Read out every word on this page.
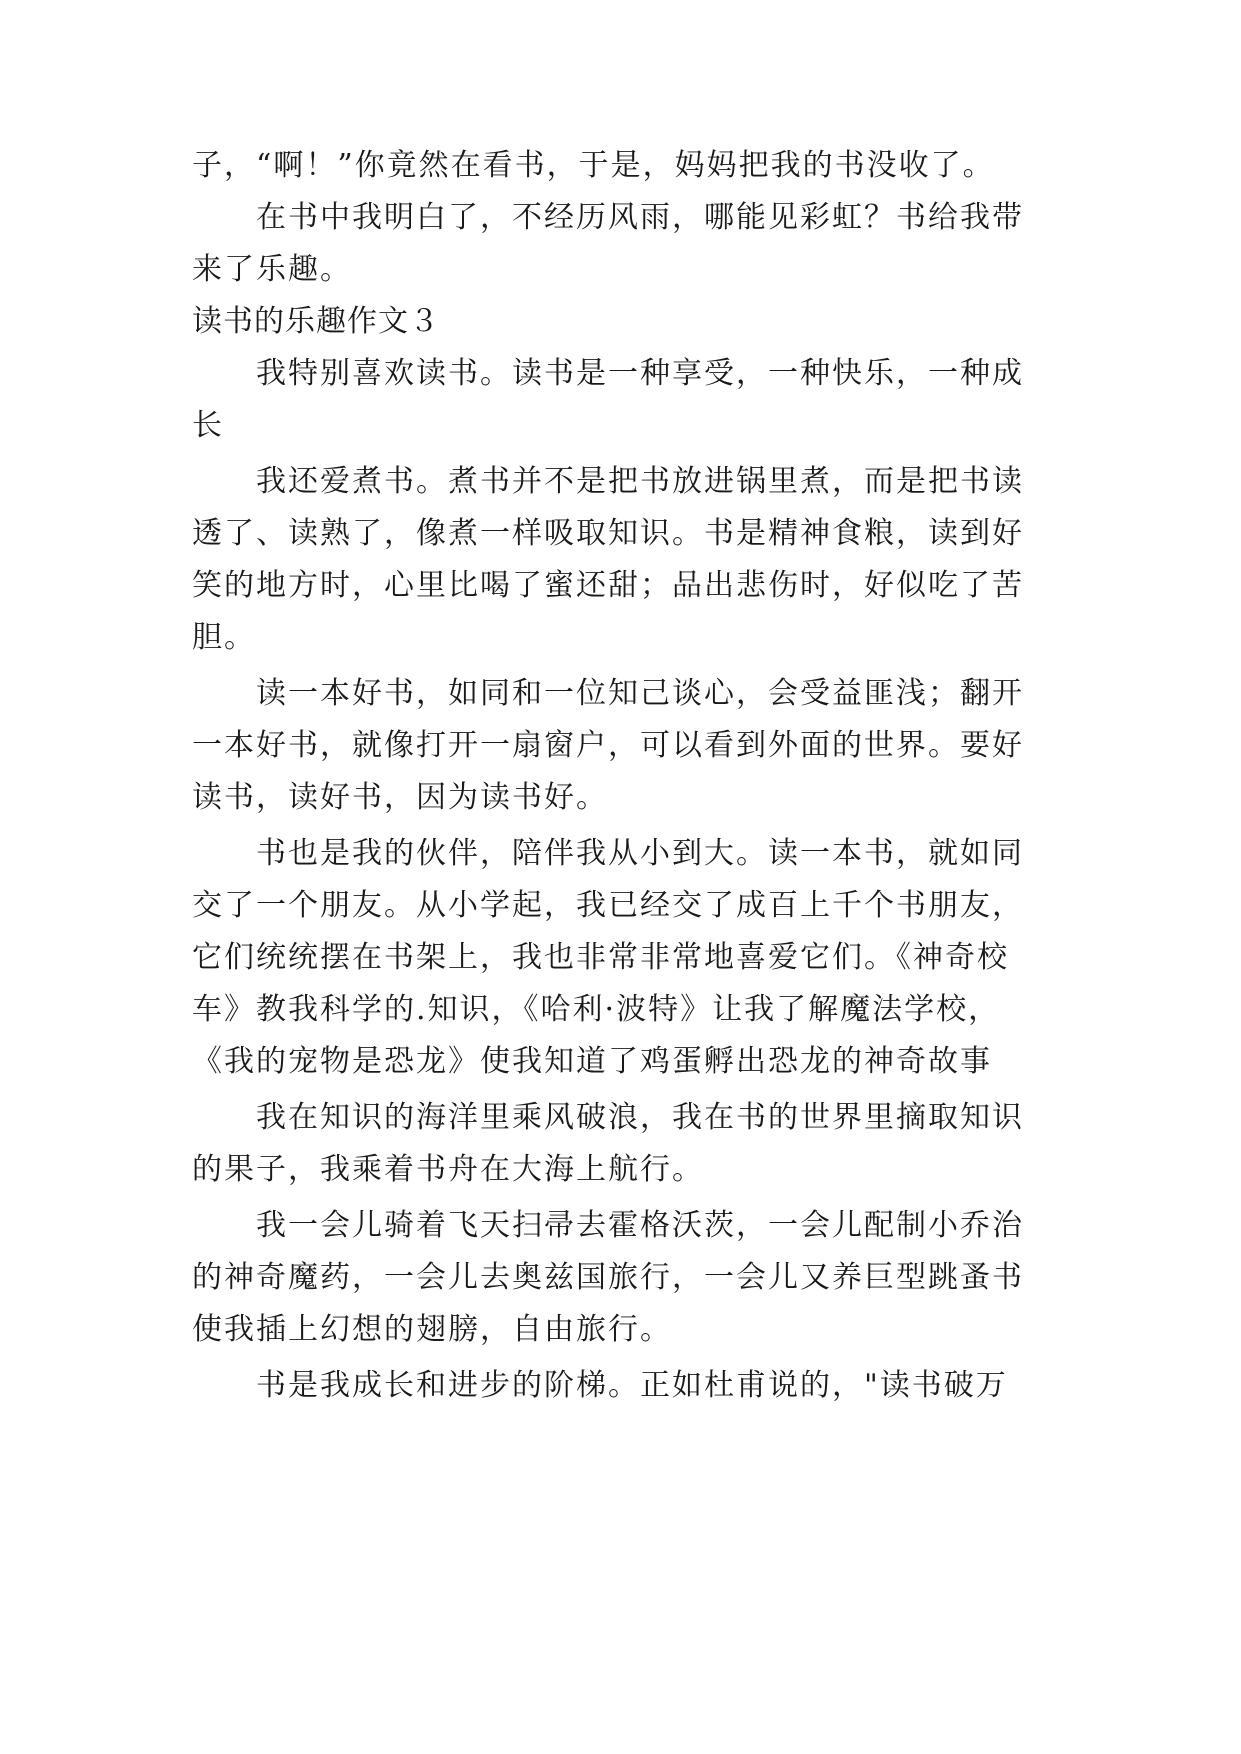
子，“啊！”你竟然在看书，于是，妈妈把我的书没收了。
在书中我明白了，不经历风雨，哪能见彩虹？书给我带
来了乐趣。
读书的乐趣作文３
我特别喜欢读书。读书是一种享受，一种快乐，一种成
长
我还爱煮书。煮书并不是把书放进锅里煮，而是把书读
透了、读熟了，像煮一样吸取知识。书是精神食粮，读到好
笑的地方时，心里比喝了蜜还甜；品出悲伤时，好似吃了苦
胆。
读一本好书，如同和一位知己谈心，会受益匪浅；翻开
一本好书，就像打开一扇窗户，可以看到外面的世界。要好
读书，读好书，因为读书好。
书也是我的伙伴，陪伴我从小到大。读一本书，就如同
交了一个朋友。从小学起，我已经交了成百上千个书朋友，
它们统统摆在书架上，我也非常非常地喜爱它们。《神奇校
车》教我科学的.知识，《哈利·波特》让我了解魔法学校，
《我的宠物是恐龙》使我知道了鸡蛋孵出恐龙的神奇故事
我在知识的海洋里乘风破浪，我在书的世界里摘取知识
的果子，我乘着书舟在大海上航行。
我一会儿骑着飞天扫帚去霍格沃茨，一会儿配制小乔治
的神奇魔药，一会儿去奥兹国旅行，一会儿又养巨型跳蚤书
使我插上幻想的翅膀，自由旅行。
书是我成长和进步的阶梯。正如杜甫说的，"读书破万
